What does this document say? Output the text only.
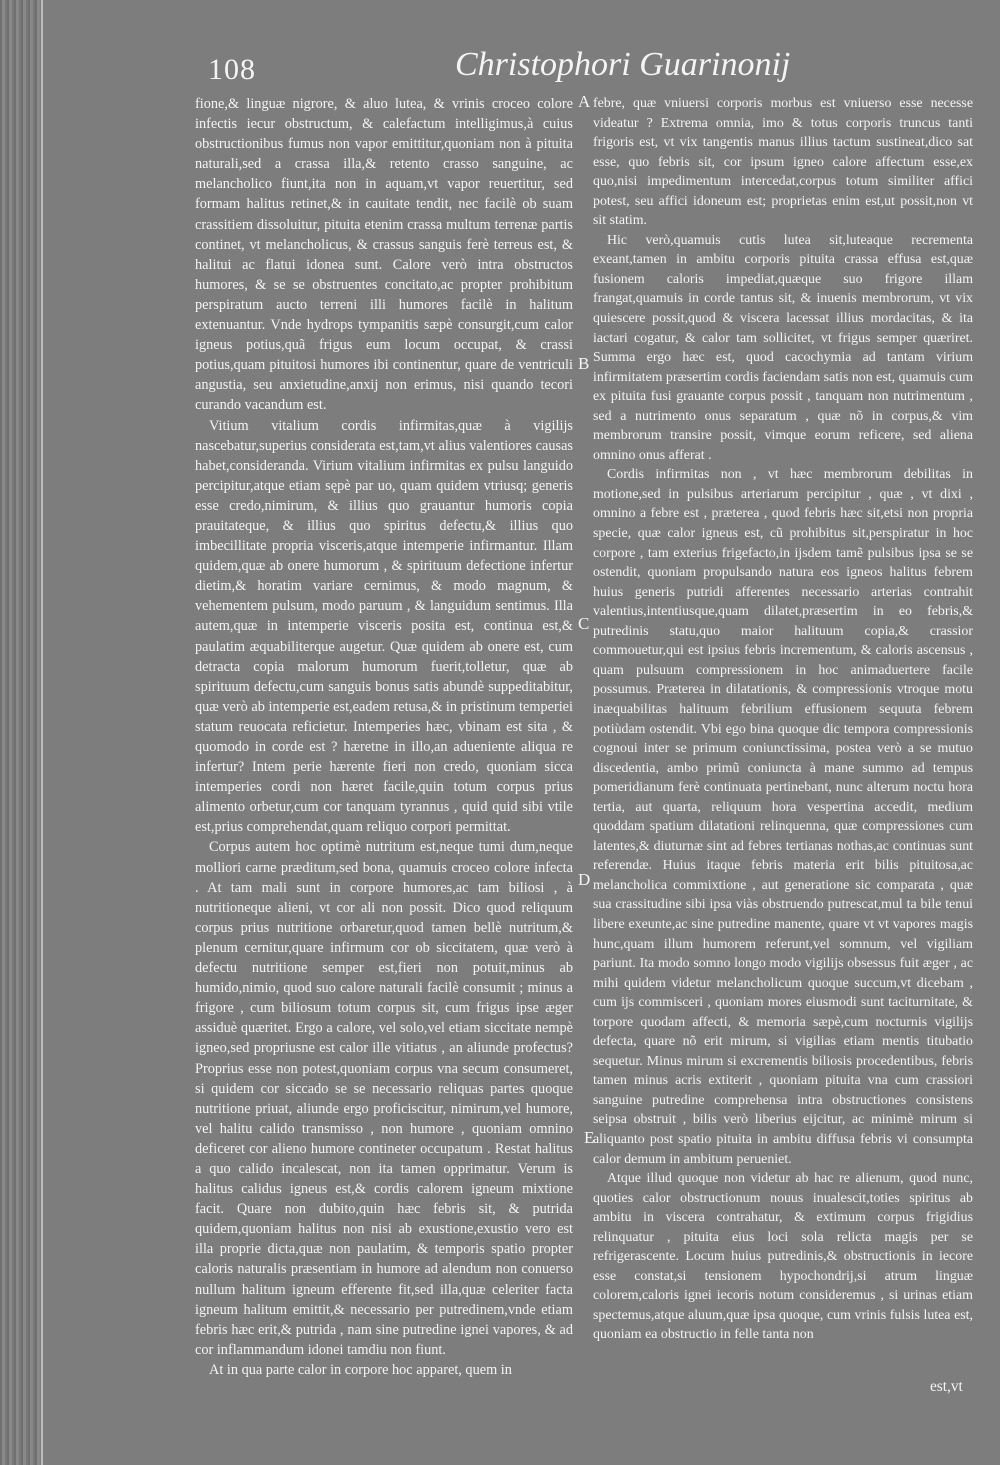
108	Christophori Guarinonij

fione,& linguæ nigrore, & aluo lutea, & vrinis croceo colore infectis iecur obstructum, & calefactum intelligimus,à cuius obstructionibus fumus non vapor emittitur,quoniam non à pituita naturali,sed a crassa illa,& retento crasso sanguine, ac melancholico fiunt,ita non in aquam,vt vapor reuertitur, sed formam halitus retinet,& in cauitate tendit, nec facilè ob suam crassitiem dissoluitur, pituita etenim crassa multum terrenæ partis continet, vt melancholicus, & crassus sanguis ferè terreus est, & halitui ac flatui idonea sunt. Calore verò intra obstructos humores, & se se obstruentes concitato,ac propter prohibitum perspiratum aucto terreni illi humores facilè in halitum extenuantur. Vnde hydrops tympanitis sæpè consurgit,cum calor igneus potius,quã frigus eum locum occupat, & crassi potius,quam pituitosi humores ibi continentur, quare de ventriculi angustia, seu anxietudine,anxij non erimus, nisi quando tecori curando vacandum est.

Vitium vitalium cordis infirmitas,quæ à vigilijs nascebatur,superius considerata est,tam,vt alius valentiores causas habet,consideranda. Virium vitalium infirmitas ex pulsu languido percipitur,atque etiam sępè par uo, quam quidem vtriusq; generis esse credo,nimirum, & illius quo grauantur humoris copia prauitateque, & illius quo spiritus defectu,& illius quo imbecillitate propria visceris,atque intemperie infirmantur. Illam quidem,quæ ab onere humorum , & spirituum defectione infertur dietim,& horatim variare cernimus, & modo magnum, & vehementem pulsum, modo paruum , & languidum sentimus. Illa autem,quæ in intemperie visceris posita est, continua est,& paulatim æquabiliterque augetur. Quæ quidem ab onere est, cum detracta copia malorum humorum fuerit,tolletur, quæ ab spirituum defectu,cum sanguis bonus satis abundè suppeditabitur, quæ verò ab intemperie est,eadem retusa,& in pristinum temperiei statum reuocata reficietur. Intemperies hæc, vbinam est sita , & quomodo in corde est ? hæretne in illo,an adueniente aliqua re infertur? Intem perie hærente fieri non credo, quoniam sicca intemperies cordi non hæret facile,quin totum corpus prius alimento orbetur,cum cor tanquam tyrannus , quid quid sibi vtile est,prius comprehendat,quam reliquo corpori permittat.

Corpus autem hoc optimè nutritum est,neque tumi dum,neque molliori carne præditum,sed bona, quamuis croceo colore infecta . At tam mali sunt in corpore humores,ac tam biliosi , à nutritioneque alieni, vt cor ali non possit. Dico quod reliquum corpus prius nutritione orbaretur,quod tamen bellè nutritum,& plenum cernitur,quare infirmum cor ob siccitatem, quæ verò à defectu nutritione semper est,fieri non potuit,minus ab humido,nimio, quod suo calore naturali facilè consumit ; minus a frigore , cum biliosum totum corpus sit, cum frigus ipse æger assiduè quæritet. Ergo a calore, vel solo,vel etiam siccitate nempè igneo,sed propriusne est calor ille vitiatus , an aliunde profectus? Proprius esse non potest,quoniam corpus vna secum consumeret, si quidem cor siccado se se necessario reliquas partes quoque nutritione priuat, aliunde ergo proficiscitur, nimirum,vel humore, vel halitu calido transmisso , non humore , quoniam omnino deficeret cor alieno humore contineter occupatum . Restat halitus a quo calido incalescat, non ita tamen opprimatur. Verum is halitus calidus igneus est,& cordis calorem igneum mixtione facit. Quare non dubito,quin hæc febris sit, & putrida quidem,quoniam halitus non nisi ab exustione,exustio vero est illa proprie dicta,quæ non paulatim, & temporis spatio propter caloris naturalis præsentiam in humore ad alendum non conuerso nullum halitum igneum efferente fit,sed illa,quæ celeriter facta igneum halitum emittit,& necessario per putredinem,vnde etiam febris hæc erit,& putrida , nam sine putredine ignei vapores, & ad cor inflammandum idonei tamdiu non fiunt.

At in qua parte calor in corpore hoc apparet, quem in

A
B
C
D
E

febre, quæ vniuersi corporis morbus est vniuerso esse necesse videatur ? Extrema omnia, imo & totus corporis truncus tanti frigoris est, vt vix tangentis manus illius tactum sustineat,dico sat esse, quo febris sit, cor ipsum igneo calore affectum esse,ex quo,nisi impedimentum intercedat,corpus totum similiter affici potest, seu affici idoneum est; proprietas enim est,ut possit,non vt sit statim.

Hic verò,quamuis cutis lutea sit,luteaque recrementa exeant,tamen in ambitu corporis pituita crassa effusa est,quæ fusionem caloris impediat,quæque suo frigore illam frangat,quamuis in corde tantus sit, & inuenis membrorum, vt vix quiescere possit,quod & viscera lacessat illius mordacitas, & ita iactari cogatur, & calor tam sollicitet, vt frigus semper quæriret. Summa ergo hæc est, quod cacochymia ad tantam virium infirmitatem præsertim cordis faciendam satis non est, quamuis cum ex pituita fusi grauante corpus possit , tanquam non nutrimentum , sed a nutrimento onus separatum , quæ nõ in corpus,& vim membrorum transire possit, vimque eorum reficere, sed aliena omnino onus afferat .

Cordis infirmitas non , vt hæc membrorum debilitas in motione,sed in pulsibus arteriarum percipitur , quæ , vt dixi , omnino a febre est , præterea , quod febris hæc sit,etsi non propria specie, quæ calor igneus est, cũ prohibitus sit,perspiratur in hoc corpore , tam exterius frigefacto,in ijsdem tamẽ pulsibus ipsa se se ostendit, quoniam propulsando natura eos igneos halitus febrem huius generis putridi afferentes necessario arterias contrahit valentius,intentiusque,quam dilatet,præsertim in eo febris,& putredinis statu,quo maior halituum copia,& crassior commouetur,qui est ipsius febris incrementum, & caloris ascensus , quam pulsuum compressionem in hoc animaduertere facile possumus. Præterea in dilatationis, & compressionis vtroque motu inæquabilitas halituum febrilium effusionem sequuta febrem potiùdam ostendit. Vbi ego bina quoque dic tempora compressionis cognoui inter se primum coniunctissima, postea verò a se mutuo discedentia, ambo primũ coniuncta à mane summo ad tempus pomeridianum ferè continuata pertinebant, nunc alterum noctu hora tertia, aut quarta, reliquum hora vespertina accedit, medium quoddam spatium dilatationi relinquenna, quæ compressiones cum latentes,& diuturnæ sint ad febres tertianas nothas,ac continuas sunt referendæ. Huius itaque febris materia erit bilis pituitosa,ac melancholica commixtione , aut generatione sic comparata , quæ sua crassitudine sibi ipsa viàs obstruendo putrescat,mul ta bile tenui libere exeunte,ac sine putredine manente, quare vt vt vapores magis hunc,quam illum humorem referunt,vel somnum, vel vigiliam pariunt. Ita modo somno longo modo vigilijs obsessus fuit æger , ac mihi quidem videtur melancholicum quoque succum,vt dicebam , cum ijs commisceri , quoniam mores eiusmodi sunt taciturnitate, & torpore quodam affecti, & memoria sæpè,cum nocturnis vigilijs defecta, quare nõ erit mirum, si vigilias etiam mentis titubatio sequetur. Minus mirum si excrementis biliosis procedentibus, febris tamen minus acris extiterit , quoniam pituita vna cum crassiori sanguine putredine comprehensa intra obstructiones consistens seipsa obstruit , bilis verò liberius eijcitur, ac minimè mirum si aliquanto post spatio pituita in ambitu diffusa febris vi consumpta calor demum in ambitum perueniet.

Atque illud quoque non videtur ab hac re alienum, quod nunc, quoties calor obstructionum nouus inualescit,toties spiritus ab ambitu in viscera contrahatur, & extimum corpus frigidius relinquatur , pituita eius loci sola relicta magis per se refrigerascente. Locum huius putredinis,& obstructionis in iecore esse constat,si tensionem hypochondrij,si atrum linguæ colorem,caloris ignei iecoris notum consideremus , si urinas etiam spectemus,atque aluum,quæ ipsa quoque, cum vrinis fulsis lutea est, quoniam ea obstructio in felle tanta non

est,vt
